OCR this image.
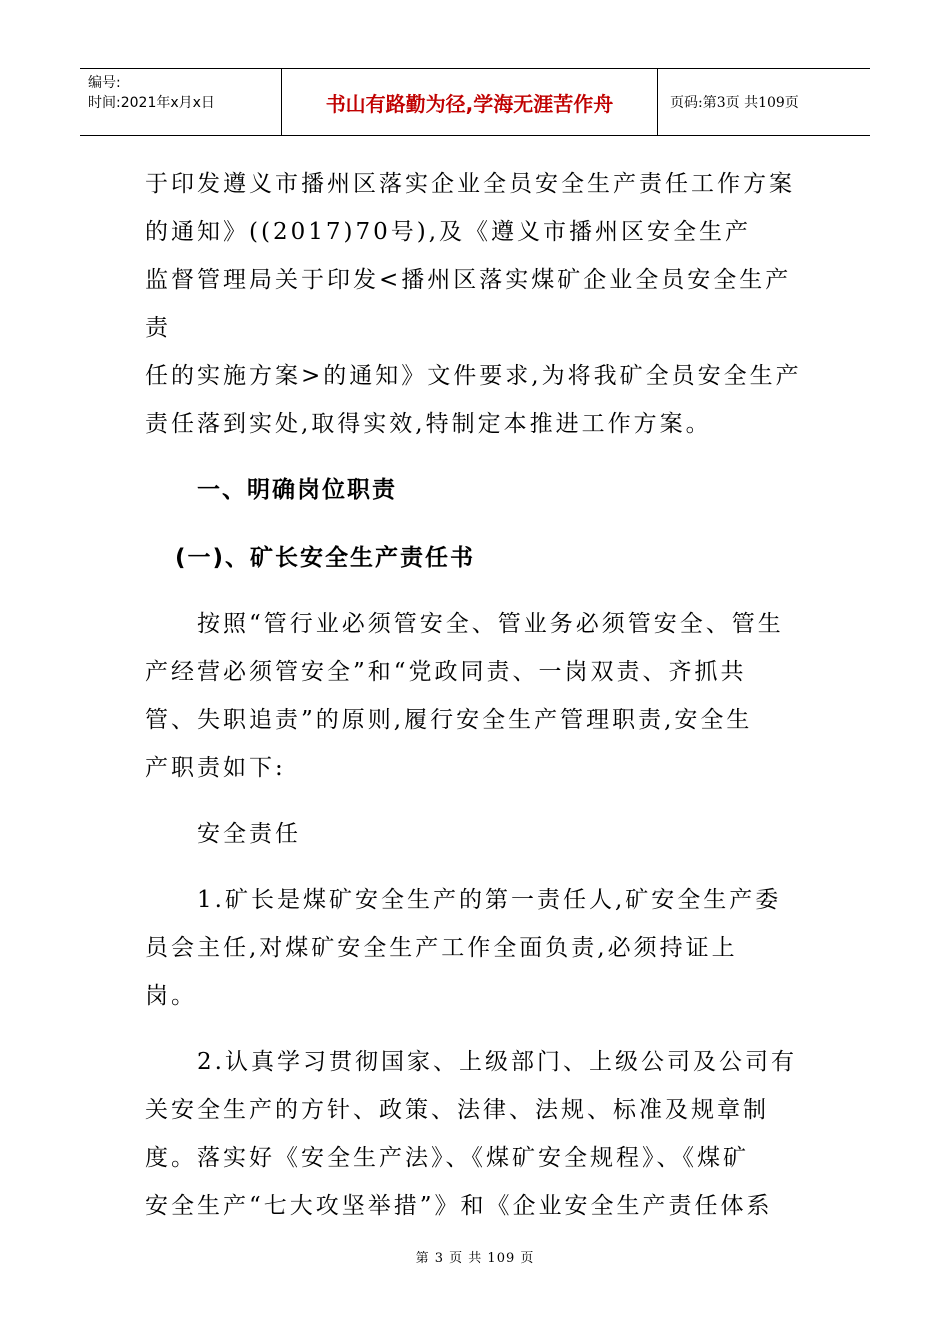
编号:
时间:2021年x月x日	书山有路勤为径,学海无涯苦作舟	页码:第3页 共109页

于印发遵义市播州区落实企业全员安全生产责任工作方案

的通知》((2017)70号),及《遵义市播州区安全生产

监督管理局关于印发<播州区落实煤矿企业全员安全生产责

任的实施方案>的通知》文件要求,为将我矿全员安全生产

责任落到实处,取得实效,特制定本推进工作方案。

一、明确岗位职责

(一)、矿长安全生产责任书

按照“管行业必须管安全、管业务必须管安全、管生

产经营必须管安全”和“党政同责、一岗双责、齐抓共

管、失职追责”的原则,履行安全生产管理职责,安全生

产职责如下:

安全责任

1.矿长是煤矿安全生产的第一责任人,矿安全生产委

员会主任,对煤矿安全生产工作全面负责,必须持证上

岗。

2.认真学习贯彻国家、上级部门、上级公司及公司有

关安全生产的方针、政策、法律、法规、标准及规章制

度。落实好《安全生产法》、《煤矿安全规程》、《煤矿

安全生产“七大攻坚举措”》和《企业安全生产责任体系

第 3 页 共 109 页
